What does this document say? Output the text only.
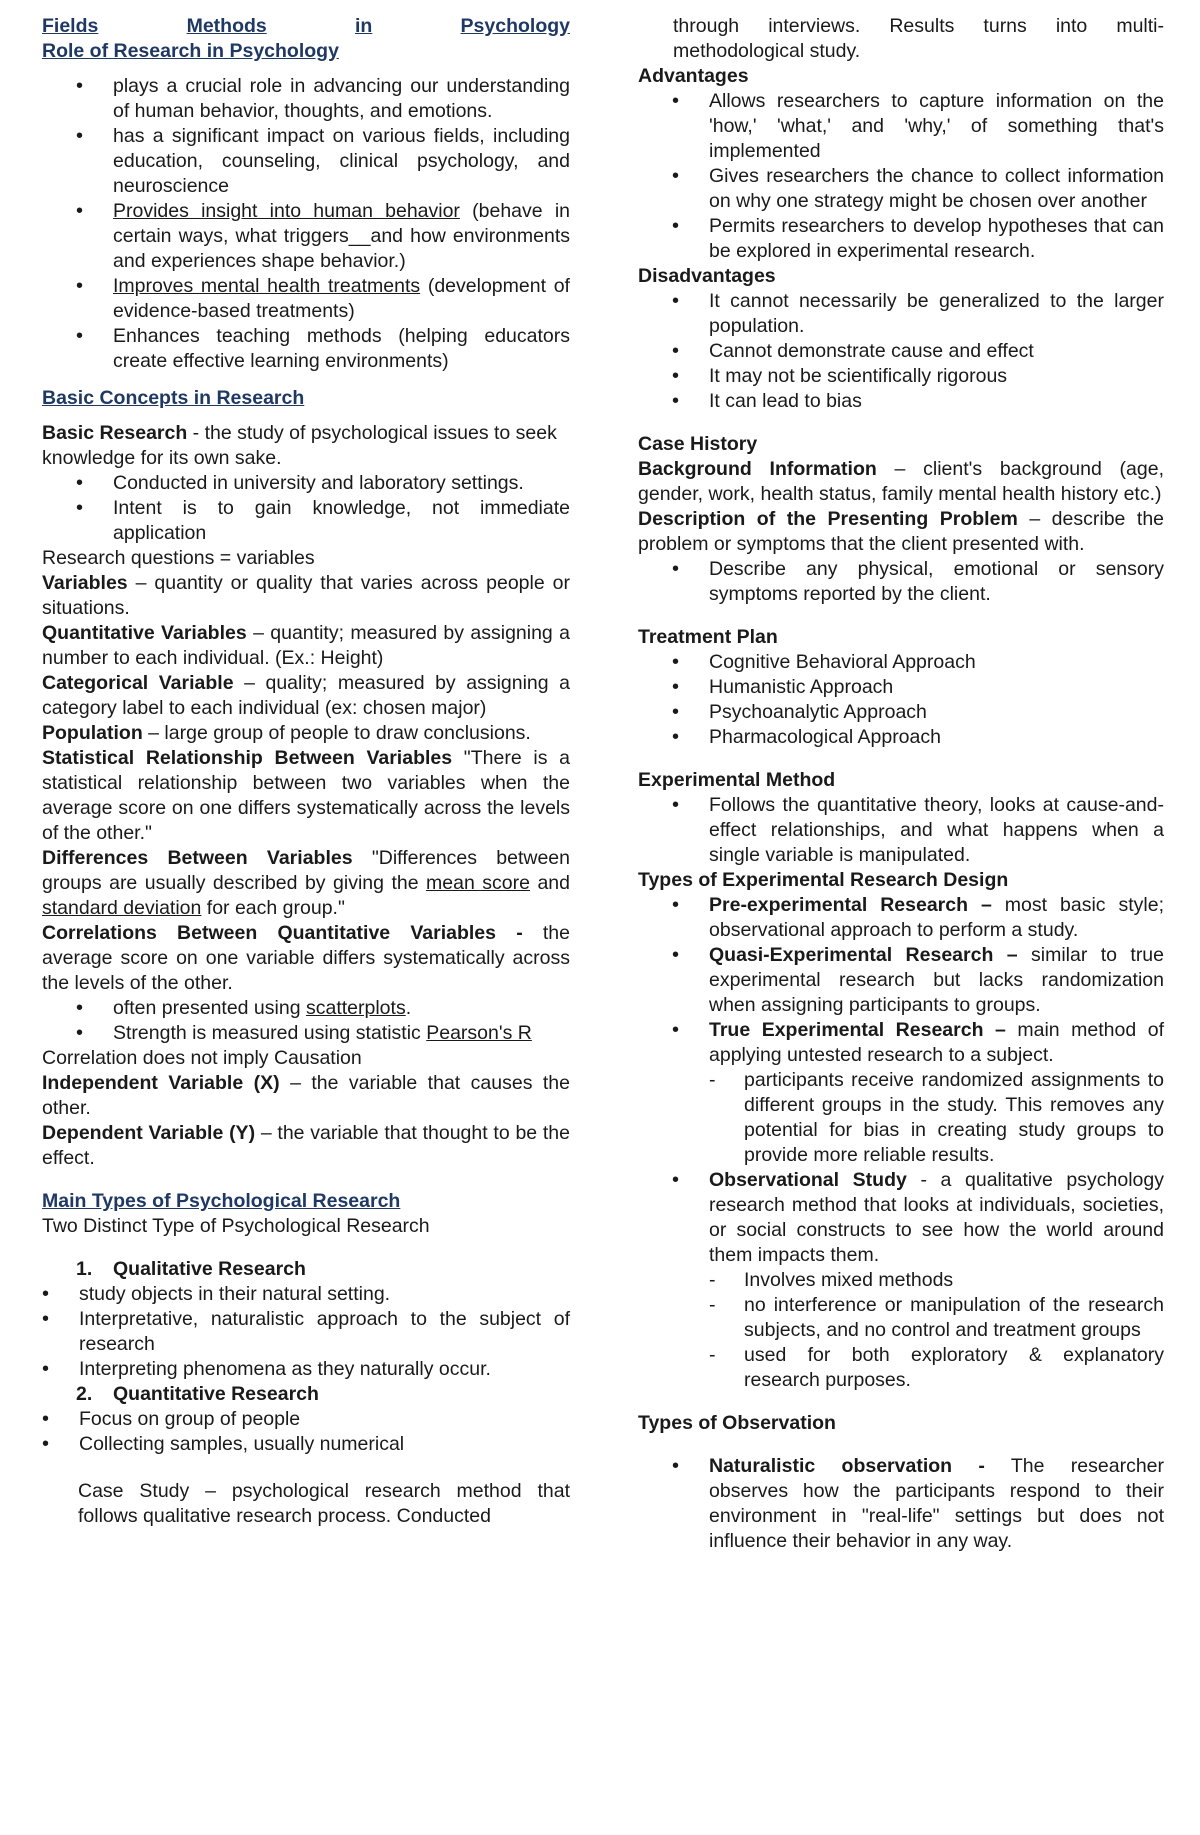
Fields	Methods	in	Psychology

Role of Research in Psychology

• plays a crucial role in advancing our understanding of human behavior, thoughts, and emotions.
• has a significant impact on various fields, including education, counseling, clinical psychology, and neuroscience
• Provides insight into human behavior (behave in certain ways, what triggers__and how environments and experiences shape behavior.)
• Improves mental health treatments (development of evidence-based treatments)
• Enhances teaching methods (helping educators create effective learning environments)

Basic Concepts in Research

Basic Research - the study of psychological issues to seek knowledge for its own sake.

• Conducted in university and laboratory settings.
• Intent is to gain knowledge, not immediate application

Research questions = variables

Variables – quantity or quality that varies across people or situations.

Quantitative Variables – quantity; measured by assigning a number to each individual. (Ex.: Height)

Categorical Variable – quality; measured by assigning a category label to each individual (ex: chosen major)

Population – large group of people to draw conclusions.

Statistical Relationship Between Variables "There is a statistical relationship between two variables when the average score on one differs systematically across the levels of the other."

Differences Between Variables "Differences between groups are usually described by giving the mean score and standard deviation for each group."

Correlations Between Quantitative Variables - the average score on one variable differs systematically across the levels of the other.

• often presented using scatterplots.
• Strength is measured using statistic Pearson's R

Correlation does not imply Causation

Independent Variable (X) – the variable that causes the other.

Dependent Variable (Y) – the variable that thought to be the effect.

Main Types of Psychological Research

Two Distinct Type of Psychological Research

1. Qualitative Research
• study objects in their natural setting.
• Interpretative, naturalistic approach to the subject of research
• Interpreting phenomena as they naturally occur.
2. Quantitative Research
• Focus on group of people
• Collecting samples, usually numerical

Case Study – psychological research method that follows qualitative research process. Conducted

through interviews. Results turns into multi-methodological study.

Advantages

• Allows researchers to capture information on the 'how,' 'what,' and 'why,' of something that's implemented
• Gives researchers the chance to collect information on why one strategy might be chosen over another
• Permits researchers to develop hypotheses that can be explored in experimental research.

Disadvantages

• It cannot necessarily be generalized to the larger population.
• Cannot demonstrate cause and effect
• It may not be scientifically rigorous
• It can lead to bias

Case History

Background Information – client's background (age, gender, work, health status, family mental health history etc.)

Description of the Presenting Problem – describe the problem or symptoms that the client presented with.

• Describe any physical, emotional or sensory symptoms reported by the client.

Treatment Plan

• Cognitive Behavioral Approach
• Humanistic Approach
• Psychoanalytic Approach
• Pharmacological Approach

Experimental Method

• Follows the quantitative theory, looks at cause-and-effect relationships, and what happens when a single variable is manipulated.

Types of Experimental Research Design

• Pre-experimental Research – most basic style; observational approach to perform a study.
• Quasi-Experimental Research – similar to true experimental research but lacks randomization when assigning participants to groups.
• True Experimental Research – main method of applying untested research to a subject.
- participants receive randomized assignments to different groups in the study. This removes any potential for bias in creating study groups to provide more reliable results.
• Observational Study - a qualitative psychology research method that looks at individuals, societies, or social constructs to see how the world around them impacts them.
- Involves mixed methods
- no interference or manipulation of the research subjects, and no control and treatment groups
- used for both exploratory & explanatory research purposes.

Types of Observation

• Naturalistic observation - The researcher observes how the participants respond to their environment in "real-life" settings but does not influence their behavior in any way.
